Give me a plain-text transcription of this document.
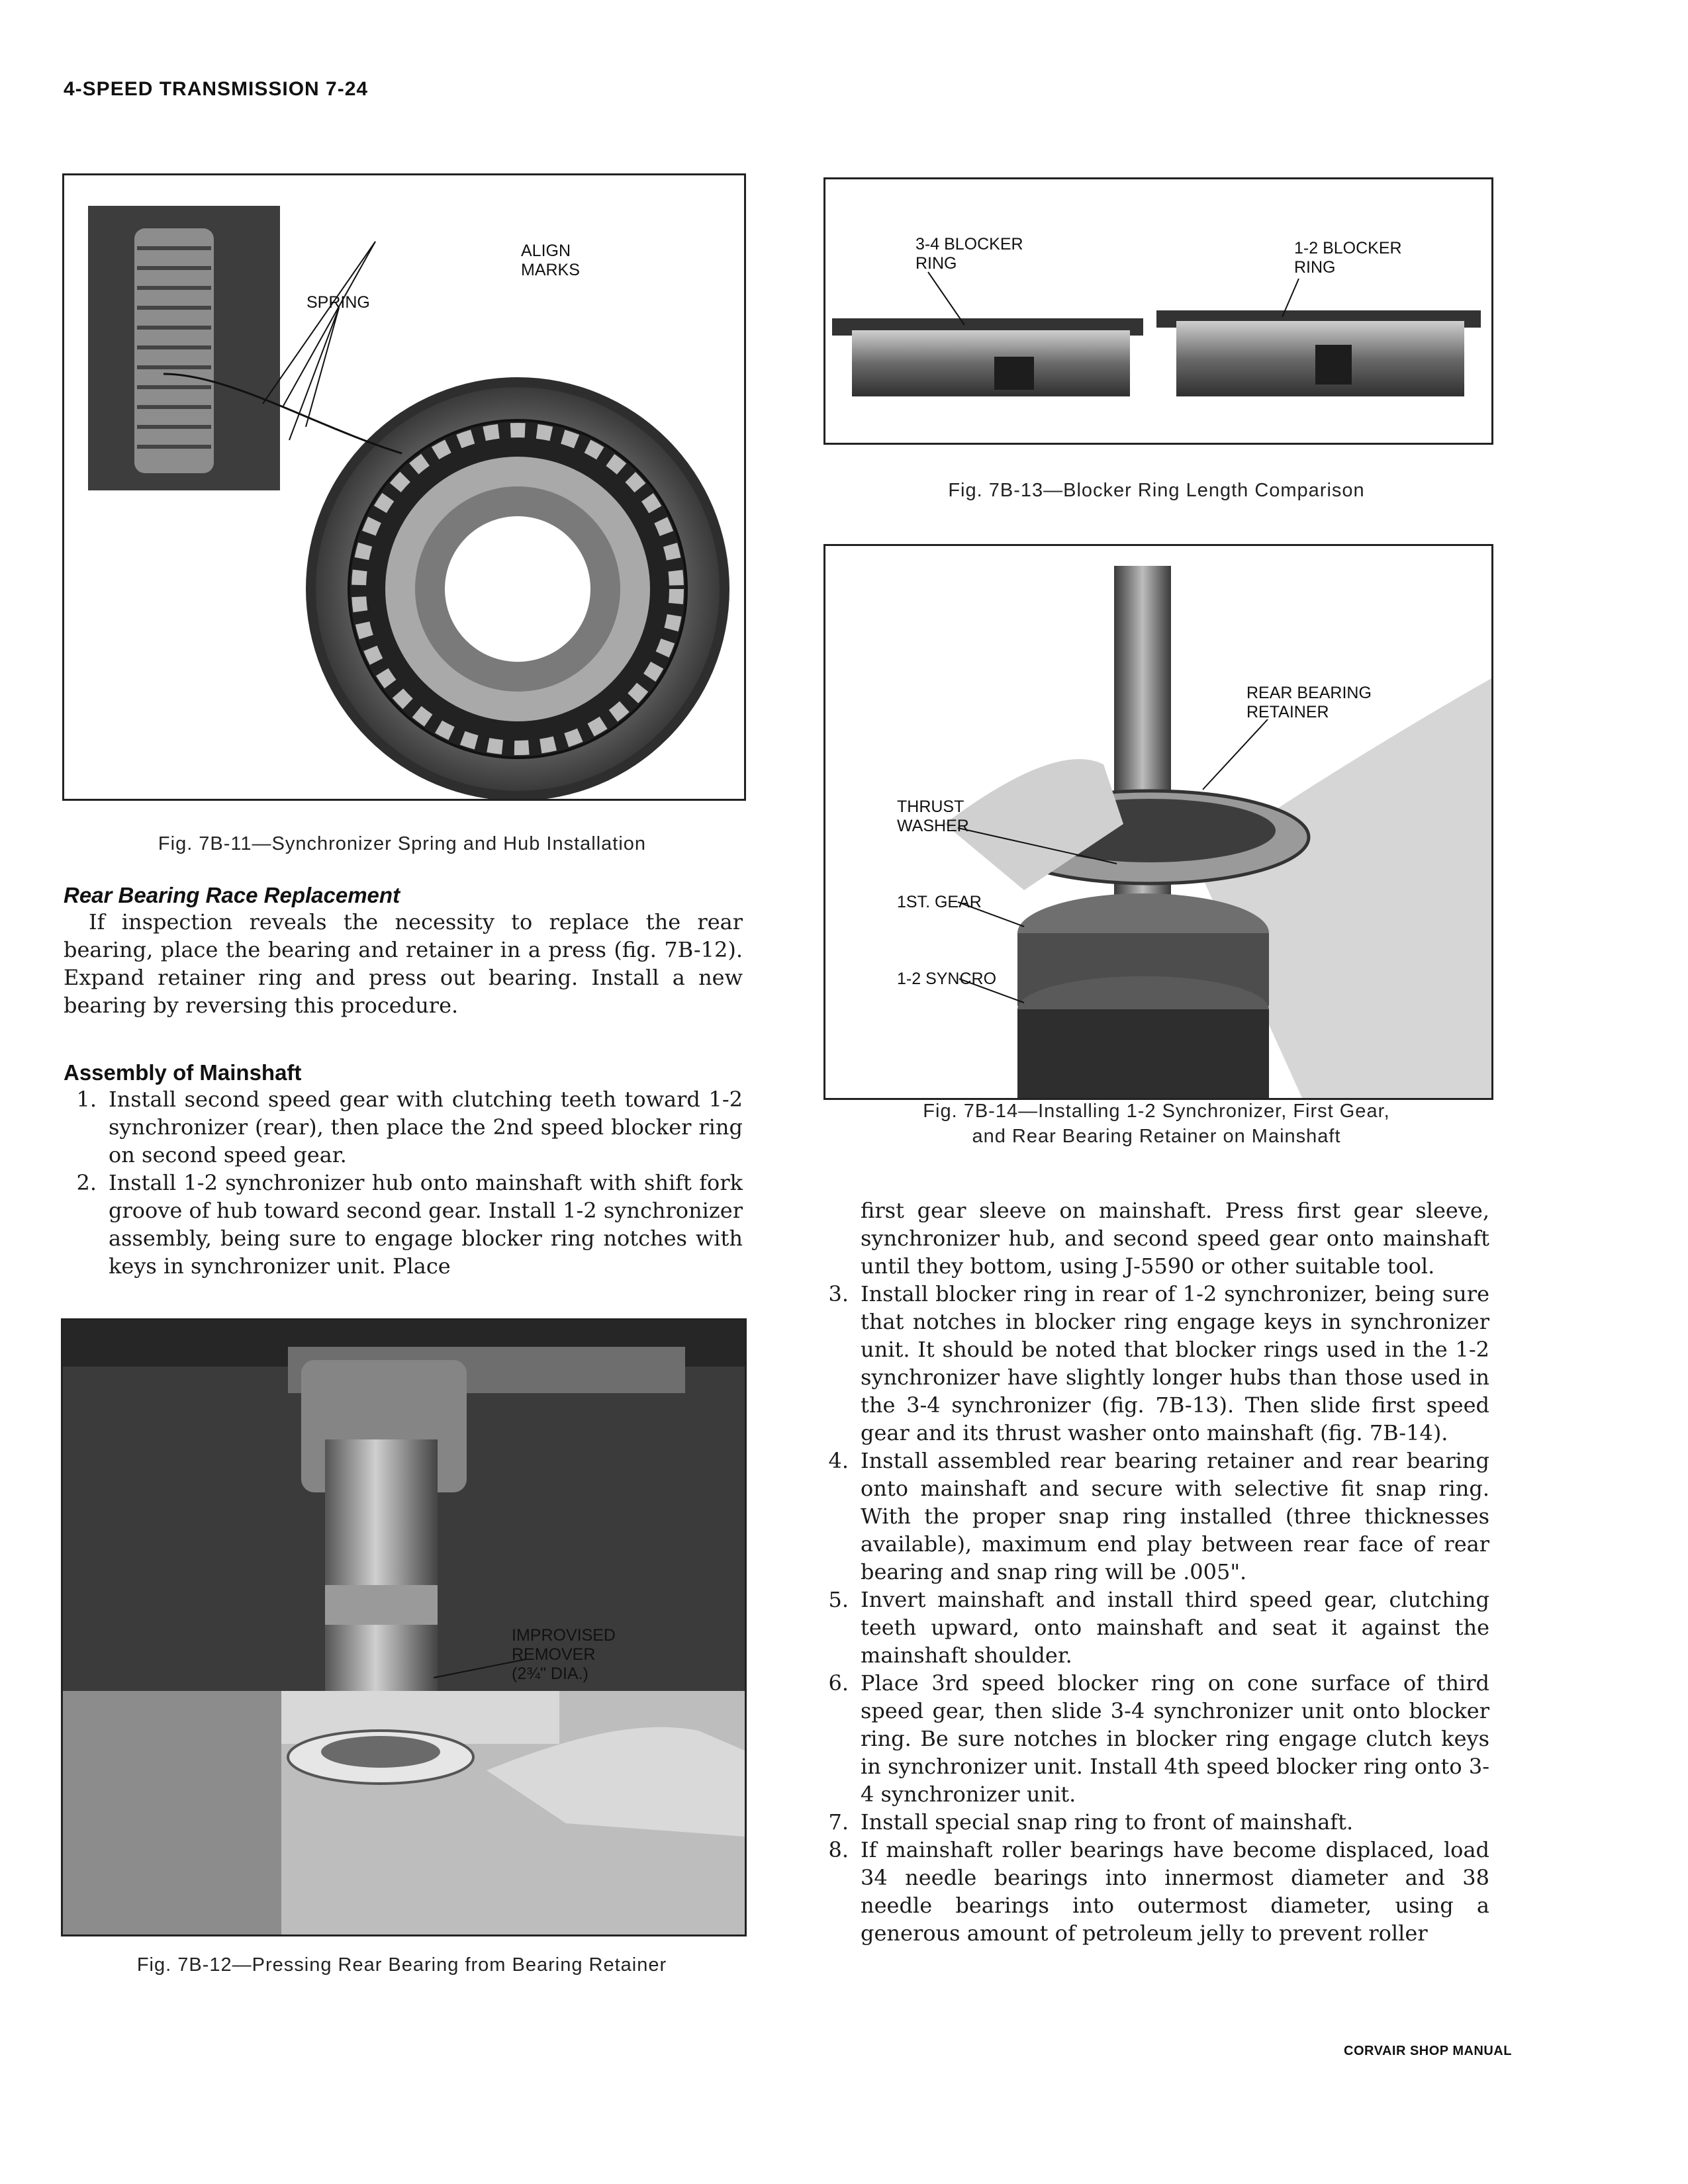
4-SPEED TRANSMISSION 7-24
ALIGN
MARKS
SPRING
Fig. 7B-11—Synchronizer Spring and Hub Installation
Rear Bearing Race Replacement

If inspection reveals the necessity to replace the rear bearing, place the bearing and retainer in a press (fig. 7B-12). Expand retainer ring and press out bearing. Install a new bearing by reversing this procedure.

Assembly of Mainshaft
1. Install second speed gear with clutching teeth toward 1-2 synchronizer (rear), then place the 2nd speed blocker ring on second speed gear.
2. Install 1-2 synchronizer hub onto mainshaft with shift fork groove of hub toward second gear. Install 1-2 synchronizer assembly, being sure to engage blocker ring notches with keys in synchronizer unit. Place
IMPROVISED
REMOVER
(2¾" DIA.)
Fig. 7B-12—Pressing Rear Bearing from Bearing Retainer
3-4 BLOCKER
RING
1-2 BLOCKER
RING
Fig. 7B-13—Blocker Ring Length Comparison
REAR BEARING
RETAINER
THRUST
WASHER
1ST. GEAR
1-2 SYNCRO
Fig. 7B-14—Installing 1-2 Synchronizer, First Gear,
and Rear Bearing Retainer on Mainshaft
first gear sleeve on mainshaft. Press first gear sleeve, synchronizer hub, and second speed gear onto mainshaft until they bottom, using J-5590 or other suitable tool.
3. Install blocker ring in rear of 1-2 synchronizer, being sure that notches in blocker ring engage keys in synchronizer unit. It should be noted that blocker rings used in the 1-2 synchronizer have slightly longer hubs than those used in the 3-4 synchronizer (fig. 7B-13). Then slide first speed gear and its thrust washer onto mainshaft (fig. 7B-14).
4. Install assembled rear bearing retainer and rear bearing onto mainshaft and secure with selective fit snap ring. With the proper snap ring installed (three thicknesses available), maximum end play between rear face of rear bearing and snap ring will be .005".
5. Invert mainshaft and install third speed gear, clutching teeth upward, onto mainshaft and seat it against the mainshaft shoulder.
6. Place 3rd speed blocker ring on cone surface of third speed gear, then slide 3-4 synchronizer unit onto blocker ring. Be sure notches in blocker ring engage clutch keys in synchronizer unit. Install 4th speed blocker ring onto 3-4 synchronizer unit.
7. Install special snap ring to front of mainshaft.
8. If mainshaft roller bearings have become displaced, load 34 needle bearings into innermost diameter and 38 needle bearings into outermost diameter, using a generous amount of petroleum jelly to prevent roller
CORVAIR SHOP MANUAL
